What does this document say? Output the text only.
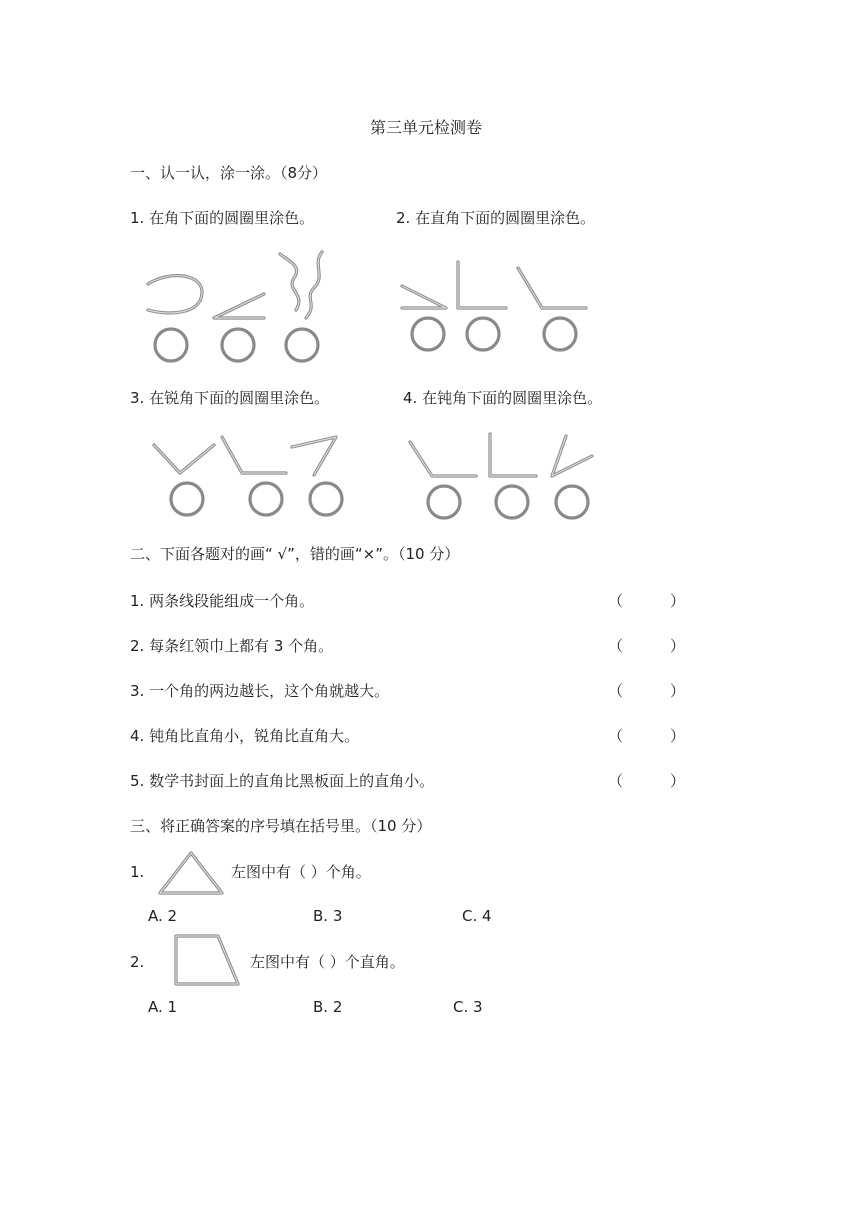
第三单元检测卷
一、认一认，涂一涂。（8分）
1. 在角下面的圆圈里涂色。	2. 在直角下面的圆圈里涂色。
3. 在锐角下面的圆圈里涂色。	4. 在钝角下面的圆圈里涂色。
二、下面各题对的画“ √”，错的画“×”。（10 分）
1. 两条线段能组成一个角。	（	）
2. 每条红领巾上都有 3 个角。	（	）
3. 一个角的两边越长，这个角就越大。	（	）
4. 钝角比直角小，锐角比直角大。	（	）
5. 数学书封面上的直角比黑板面上的直角小。	（	）
三、将正确答案的序号填在括号里。（10 分）
1.	左图中有（ ）个角。
A. 2	B. 3	C. 4
2.	左图中有（ ）个直角。
A. 1	B. 2	C. 3
